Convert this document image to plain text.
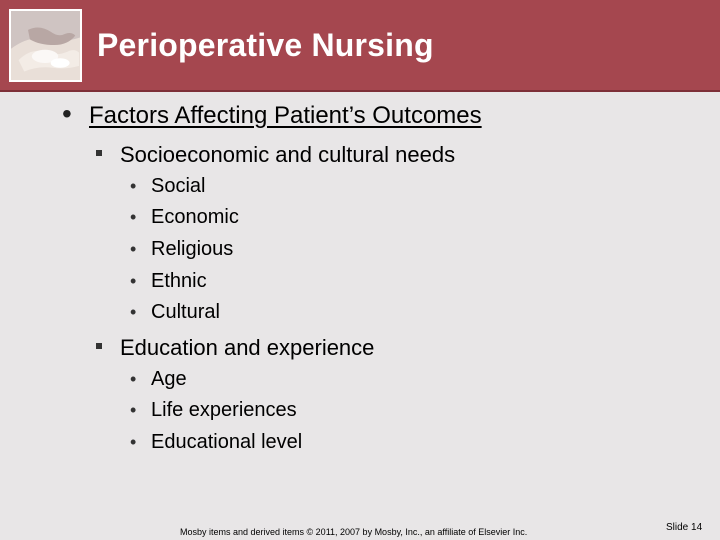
Perioperative Nursing
• Factors Affecting Patient’s Outcomes
Socioeconomic and cultural needs
• Social
• Economic
• Religious
• Ethnic
• Cultural
Education and experience
• Age
• Life experiences
• Educational level
Mosby items and derived items © 2011, 2007 by Mosby, Inc., an affiliate of Elsevier Inc.	Slide 14
